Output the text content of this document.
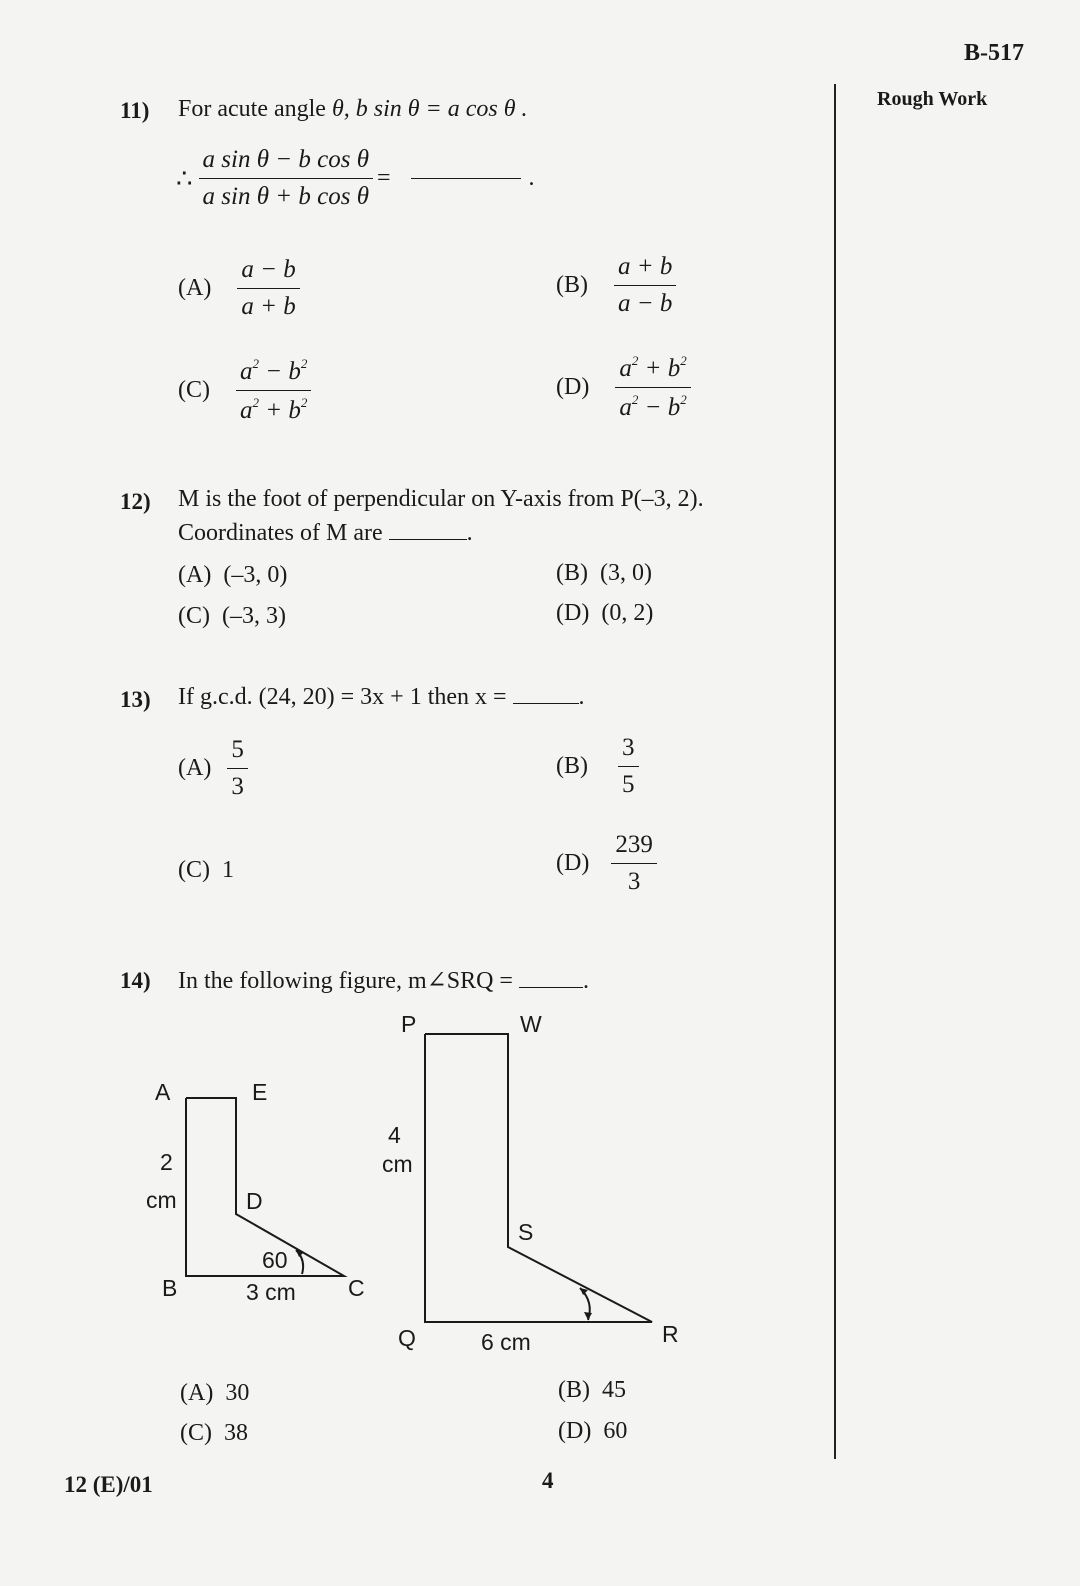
B-517
Rough Work
11) For acute angle θ, b sin θ = a cos θ .
∴ $\frac{\text{a sin θ − b cos θ}}{\text{a sin θ + b cos θ}}$ =	.
$(A) \frac{a - b}{a + b}$	$(B) \frac{a + b}{a - b}$
$(C) \frac{a^2 - b^2}{a^2 + b^2}$	$(D) \frac{a^2 + b^2}{a^2 - b^2}$
12) M is the foot of perpendicular on Y-axis from P(–3, 2).
Coordinates of M are	.
(A) (–3, 0)	(B) (3, 0)
(C) (–3, 3)	(D) (0, 2)
13) If g.c.d. (24, 20) = 3x + 1 then x =	.
$(A) \frac{5}{3}$	$(B) \frac{3}{5}$
(C) 1	$(D) \frac{239}{3}$
14) In the following figure, m∠SRQ =	.
A	E
2
cm	D
60
B	3 cm C
P	W
4
cm
S
Q	6 cm	R
(A) 30	(B) 45
(C) 38	(D) 60
12 (E)/01	4
